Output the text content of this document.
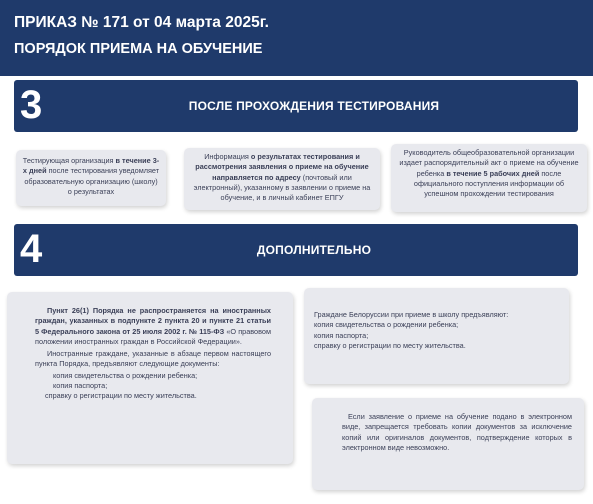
ПРИКАЗ № 171 от 04 марта 2025г.
ПОРЯДОК ПРИЕМА НА ОБУЧЕНИЕ
3	ПОСЛЕ ПРОХОЖДЕНИЯ ТЕСТИРОВАНИЯ
Тестирующая организация в течение 3-х дней после тестирования уведомляет образовательную организацию (школу) о результатах
Информация о результатах тестирования и рассмотрения заявления о приеме на обучение направляется по адресу (почтовый или электронный), указанному в заявлении о приеме на обучение, и в личный кабинет ЕПГУ
Руководитель общеобразовательной организации издает распорядительный акт о приеме на обучение ребенка в течение 5 рабочих дней после официального поступления информации об успешном прохождении тестирования
4	ДОПОЛНИТЕЛЬНО
Пункт 26(1) Порядка не распространяется на иностранных граждан, указанных в подпункте 2 пункта 20 и пункте 21 статьи 5 Федерального закона от 25 июля 2002 г. № 115-ФЗ «О правовом положении иностранных граждан в Российской Федерации».
Иностранные граждане, указанные в абзаце первом настоящего пункта Порядка, предъявляют следующие документы:
копия свидетельства о рождении ребенка;
копия паспорта;
справку о регистрации по месту жительства.
Граждане Белоруссии при приеме в школу предъявляют:
копия свидетельства о рождении ребенка;
копия паспорта;
справку о регистрации по месту жительства.
Если заявление о приеме на обучение подано в электронном виде, запрещается требовать копии документов за исключение копий или оригиналов документов, подтверждение которых в электронном виде невозможно.
